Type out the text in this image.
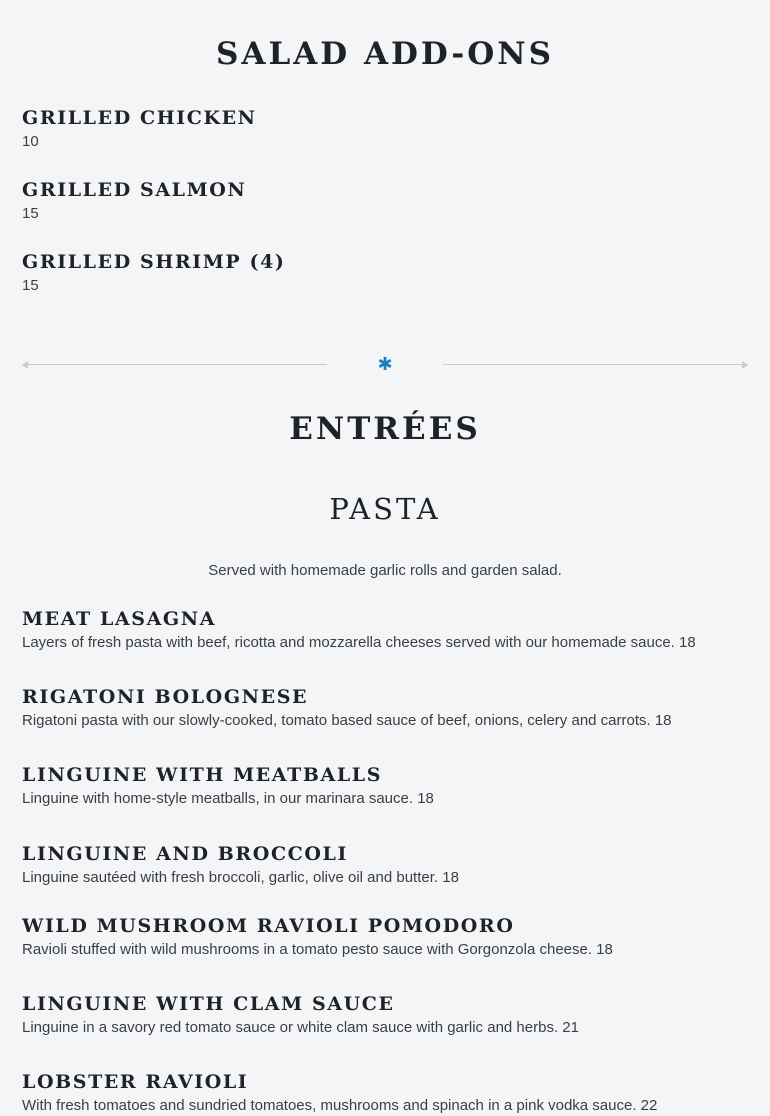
SALAD ADD-ONS
GRILLED CHICKEN
10
GRILLED SALMON
15
GRILLED SHRIMP (4)
15
✱
ENTRÉES
PASTA
Served with homemade garlic rolls and garden salad.
MEAT LASAGNA
Layers of fresh pasta with beef, ricotta and mozzarella cheeses served with our homemade sauce. 18
RIGATONI BOLOGNESE
Rigatoni pasta with our slowly-cooked, tomato based sauce of beef, onions, celery and carrots. 18
LINGUINE WITH MEATBALLS
Linguine with home-style meatballs, in our marinara sauce. 18
LINGUINE AND BROCCOLI
Linguine sautéed with fresh broccoli, garlic, olive oil and butter. 18
WILD MUSHROOM RAVIOLI POMODORO
Ravioli stuffed with wild mushrooms in a tomato pesto sauce with Gorgonzola cheese. 18
LINGUINE WITH CLAM SAUCE
Linguine in a savory red tomato sauce or white clam sauce with garlic and herbs. 21
LOBSTER RAVIOLI
With fresh tomatoes and sundried tomatoes, mushrooms and spinach in a pink vodka sauce. 22
